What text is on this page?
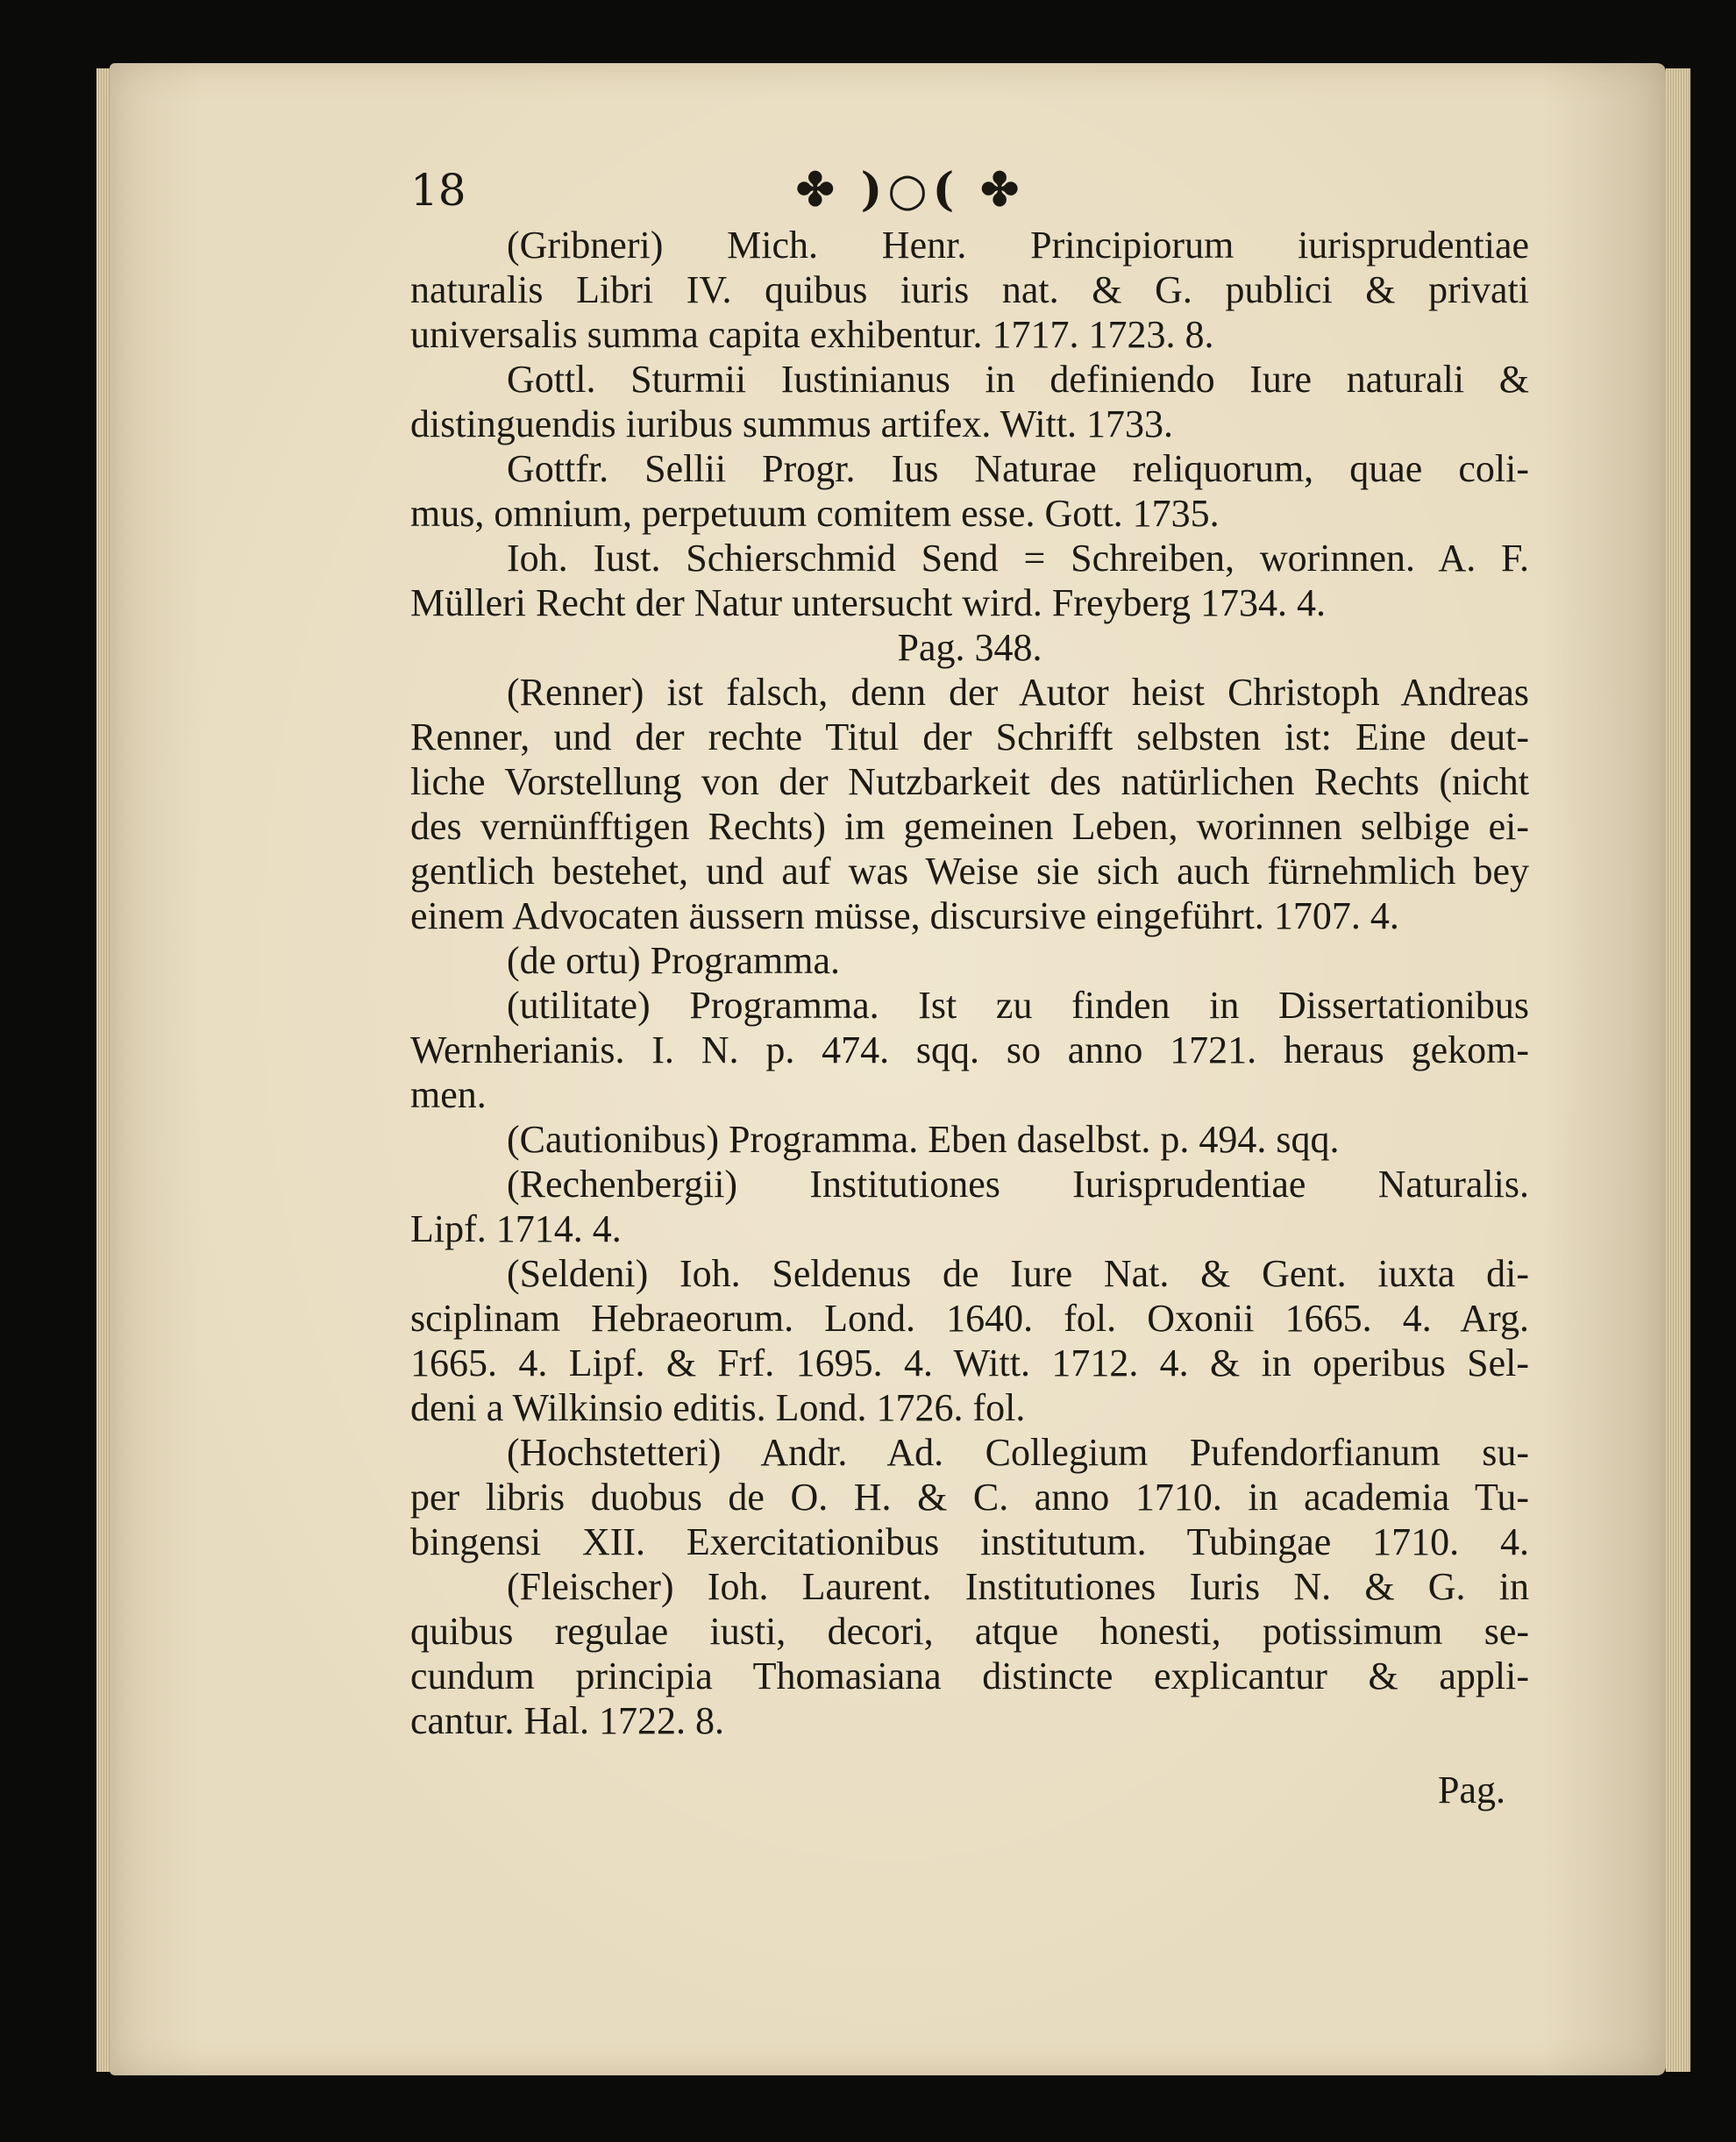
18	✤ )○( ✤
(Gribneri) Mich. Henr. Principiorum iurisprudentiae
naturalis Libri IV. quibus iuris nat. & G. publici & privati
universalis summa capita exhibentur. 1717. 1723. 8.
Gottl. Sturmii Iustinianus in definiendo Iure naturali &
distinguendis iuribus summus artifex. Witt. 1733.
Gottfr. Sellii Progr. Ius Naturae reliquorum, quae coli-
mus, omnium, perpetuum comitem esse. Gott. 1735.
Ioh. Iust. Schierschmid Send = Schreiben, worinnen. A. F.
Mülleri Recht der Natur untersucht wird. Freyberg 1734. 4.
Pag. 348.
(Renner) ist falsch, denn der Autor heist Christoph Andreas
Renner, und der rechte Titul der Schrifft selbsten ist: Eine deut-
liche Vorstellung von der Nutzbarkeit des natürlichen Rechts (nicht
des vernünfftigen Rechts) im gemeinen Leben, worinnen selbige ei-
gentlich bestehet, und auf was Weise sie sich auch fürnehmlich bey
einem Advocaten äussern müsse, discursive eingeführt. 1707. 4.
(de ortu) Programma.
(utilitate) Programma. Ist zu finden in Dissertationibus
Wernherianis. I. N. p. 474. sqq. so anno 1721. heraus gekom-
men.
(Cautionibus) Programma. Eben daselbst. p. 494. sqq.
(Rechenbergii) Institutiones Iurisprudentiae Naturalis.
Lipf. 1714. 4.
(Seldeni) Ioh. Seldenus de Iure Nat. & Gent. iuxta di-
sciplinam Hebraeorum. Lond. 1640. fol. Oxonii 1665. 4. Arg.
1665. 4. Lipf. & Frf. 1695. 4. Witt. 1712. 4. & in operibus Sel-
deni a Wilkinsio editis. Lond. 1726. fol.
(Hochstetteri) Andr. Ad. Collegium Pufendorfianum su-
per libris duobus de O. H. & C. anno 1710. in academia Tu-
bingensi XII. Exercitationibus institutum. Tubingae 1710. 4.
(Fleischer) Ioh. Laurent. Institutiones Iuris N. & G. in
quibus regulae iusti, decori, atque honesti, potissimum se-
cundum principia Thomasiana distincte explicantur & appli-
cantur. Hal. 1722. 8.
Pag.
